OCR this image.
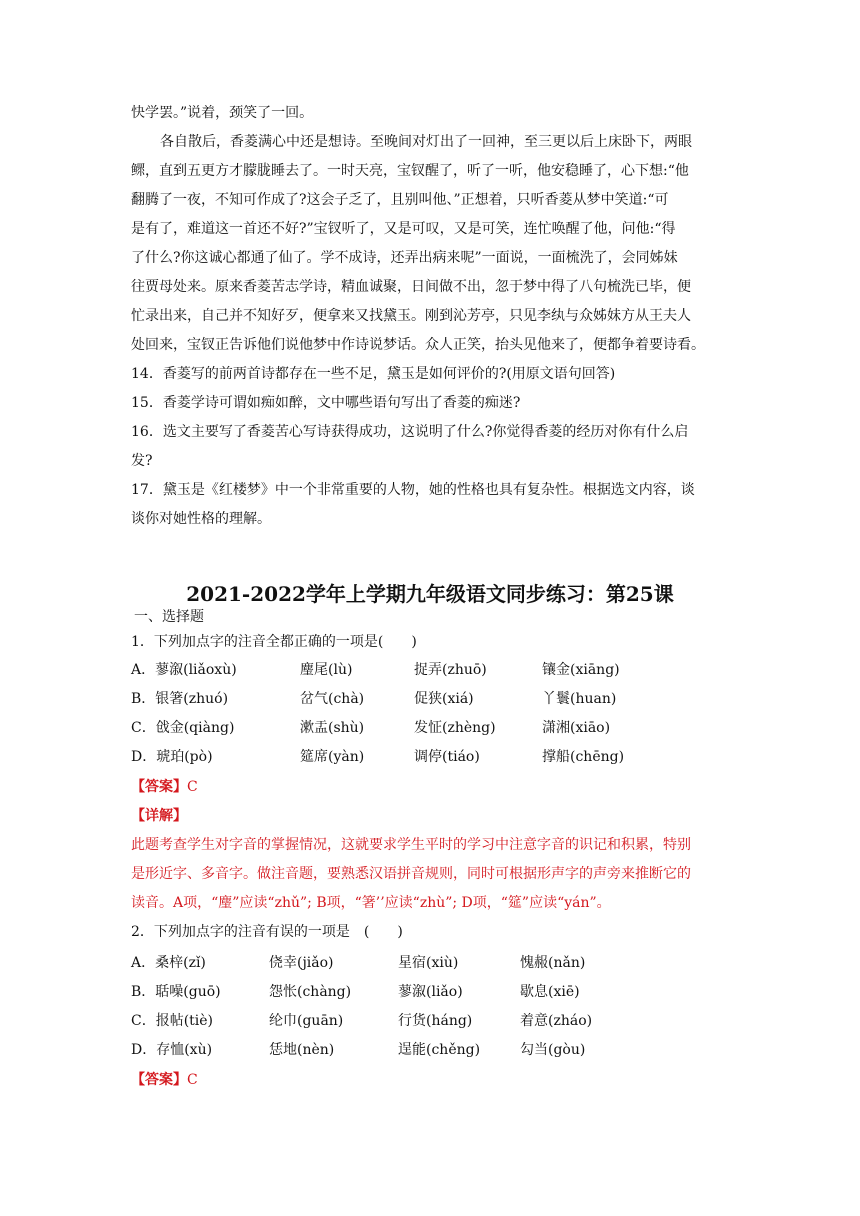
快学罢。”说着，颈笑了一回。
各自散后，香菱满心中还是想诗。至晚间对灯出了一回神，至三更以后上床卧下，两眼
鳏，直到五更方才朦胧睡去了。一时天亮，宝钗醒了，听了一听，他安稳睡了，心下想:“他
翻腾了一夜，不知可作成了?这会子乏了，且别叫他、”正想着，只听香菱从梦中笑道:“可
是有了，难道这一首还不好?”宝钗听了，又是可叹，又是可笑，连忙唤醒了他，问他:“得
了什么?你这诚心都通了仙了。学不成诗，还弄出病来呢”一面说，一面梳洗了，会同姊妹
往贾母处来。原来香菱苦志学诗，精血诚聚，日间做不出，忽于梦中得了八句梳洗已毕，便
忙录出来，自己并不知好歹，便拿来又找黛玉。刚到沁芳亭，只见李纨与众姊妹方从王夫人
处回来，宝钗正告诉他们说他梦中作诗说梦话。众人正笑，抬头见他来了，便都争着要诗看。
14．香菱写的前两首诗都存在一些不足，黛玉是如何评价的?(用原文语句回答)
15．香菱学诗可谓如痴如醉，文中哪些语句写出了香菱的痴迷?
16．选文主要写了香菱苦心写诗获得成功，这说明了什么?你觉得香菱的经历对你有什么启
发?
17．黛玉是《红楼梦》中一个非常重要的人物，她的性格也具有复杂性。根据选文内容，谈
谈你对她性格的理解。
2021-2022学年上学期九年级语文同步练习：第25课
一、选择题
1．下列加点字的注音全都正确的一项是(　　)
A．蓼溆(liǎoxù)	麈尾(lù)	捉弄(zhuō)	镶金(xiāng)
B．银箸(zhuó)	岔气(chà)	促狭(xiá)	丫鬟(huan)
C．戗金(qiàng)	漱盂(shù)	发怔(zhèng)	潇湘(xiāo)
D．琥珀(pò)	筵席(yàn)	调停(tiáo)	撑船(chēng)
【答案】C
【详解】
此题考查学生对字音的掌握情况，这就要求学生平时的学习中注意字音的识记和积累，特别
是形近字、多音字。做注音题，要熟悉汉语拼音规则，同时可根据形声字的声旁来推断它的
读音。A项，“麈”应读“zhǔ”; B项，“箸’’应读“zhù”; D项，“筵”应读“yán”。
2．下列加点字的注音有误的一项是　(　　)
A．桑梓(zǐ)	侥幸(jiǎo)	星宿(xiù)	愧赧(nǎn)
B．聒噪(guō)	怨怅(chàng)	蓼溆(liǎo)	歇息(xiē)
C．报帖(tiè)	纶巾(guān)	行货(háng)	着意(zháo)
D．存恤(xù)	恁地(nèn)	逞能(chěng)	勾当(gòu)
【答案】C
